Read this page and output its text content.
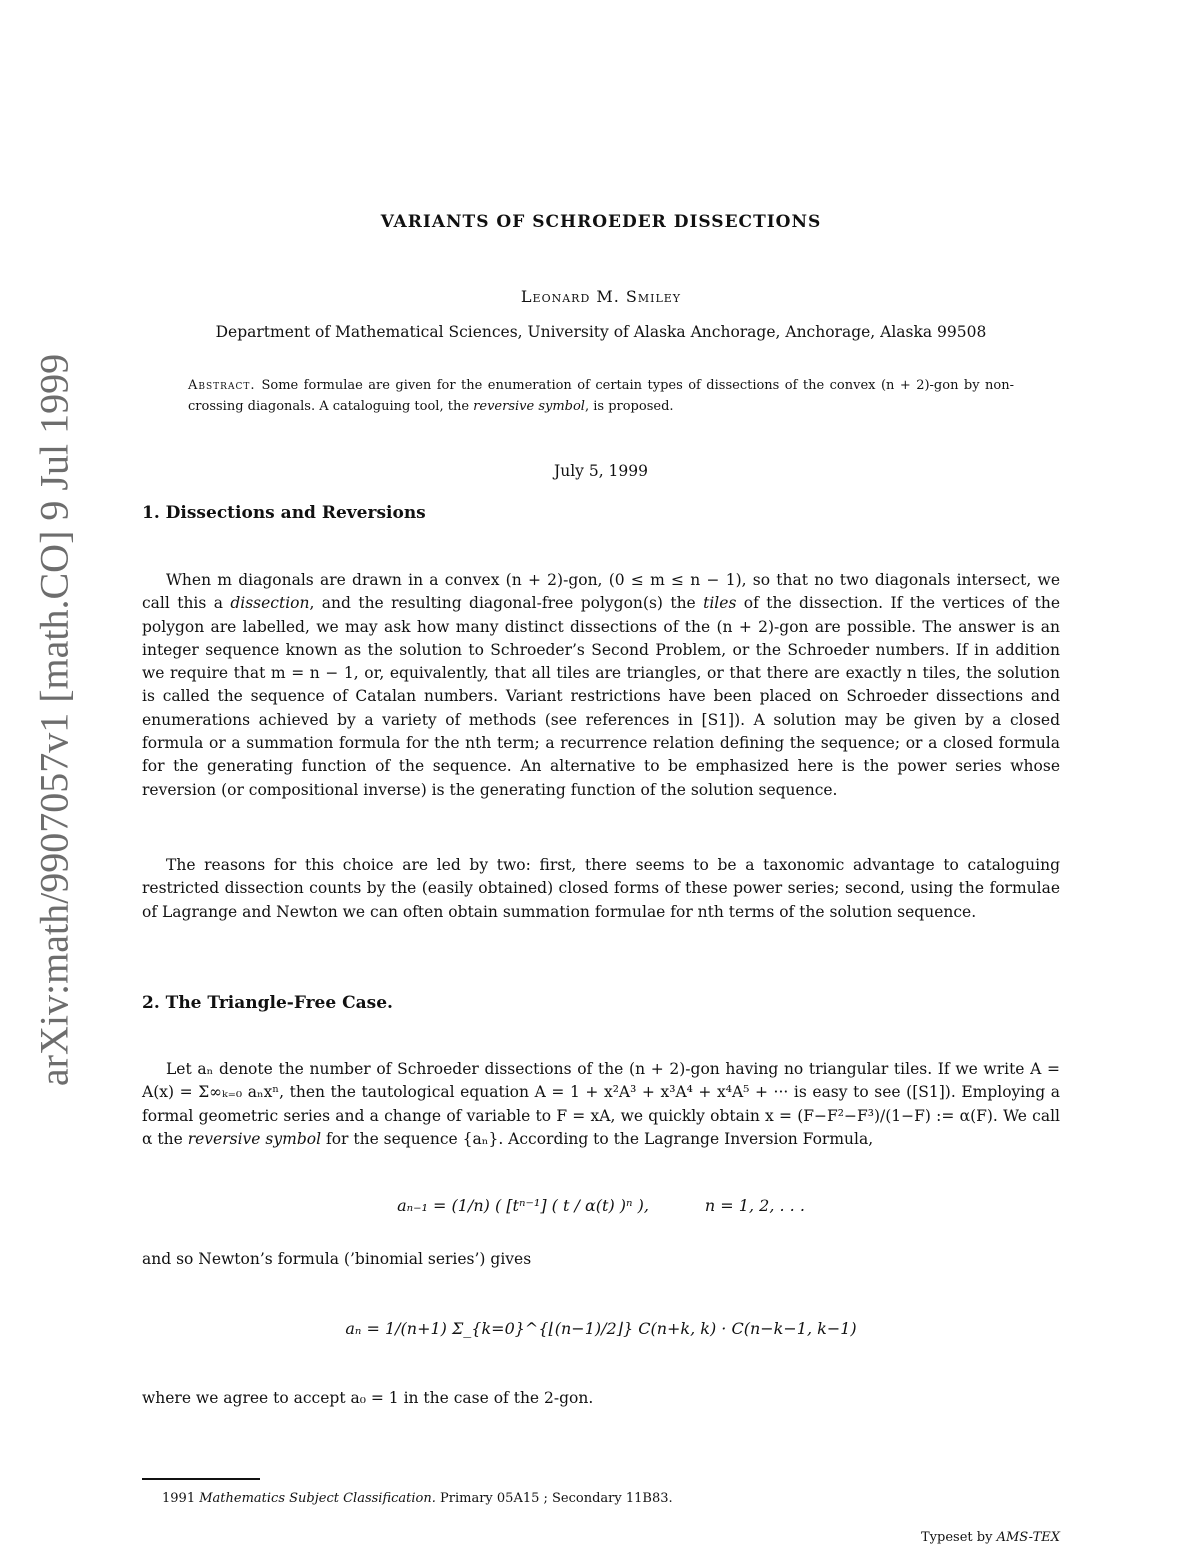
arXiv:math/9907057v1 [math.CO] 9 Jul 1999
VARIANTS OF SCHROEDER DISSECTIONS
Leonard M. Smiley
Department of Mathematical Sciences, University of Alaska Anchorage, Anchorage, Alaska 99508
Abstract. Some formulae are given for the enumeration of certain types of dissections of the convex (n + 2)-gon by non-crossing diagonals. A cataloguing tool, the reversive symbol, is proposed.
July 5, 1999
1. Dissections and Reversions
When m diagonals are drawn in a convex (n + 2)-gon, (0 ≤ m ≤ n − 1), so that no two diagonals intersect, we call this a dissection, and the resulting diagonal-free polygon(s) the tiles of the dissection. If the vertices of the polygon are labelled, we may ask how many distinct dissections of the (n + 2)-gon are possible. The answer is an integer sequence known as the solution to Schroeder’s Second Problem, or the Schroeder numbers. If in addition we require that m = n − 1, or, equivalently, that all tiles are triangles, or that there are exactly n tiles, the solution is called the sequence of Catalan numbers. Variant restrictions have been placed on Schroeder dissections and enumerations achieved by a variety of methods (see references in [S1]). A solution may be given by a closed formula or a summation formula for the nth term; a recurrence relation defining the sequence; or a closed formula for the generating function of the sequence. An alternative to be emphasized here is the power series whose reversion (or compositional inverse) is the generating function of the solution sequence.
The reasons for this choice are led by two: first, there seems to be a taxonomic advantage to cataloguing restricted dissection counts by the (easily obtained) closed forms of these power series; second, using the formulae of Lagrange and Newton we can often obtain summation formulae for nth terms of the solution sequence.
2. The Triangle-Free Case.
Let aₙ denote the number of Schroeder dissections of the (n + 2)-gon having no triangular tiles. If we write A = A(x) = Σ∞ₖ₌₀ aₙxⁿ, then the tautological equation A = 1 + x²A³ + x³A⁴ + x⁴A⁵ + ··· is easy to see ([S1]). Employing a formal geometric series and a change of variable to F = xA, we quickly obtain x = (F−F²−F³)/(1−F) := α(F). We call α the reversive symbol for the sequence {aₙ}. According to the Lagrange Inversion Formula,
aₙ₋₁ = (1/n) ( [tⁿ⁻¹] ( t / α(t) )ⁿ ),	n = 1, 2, . . .
and so Newton’s formula (’binomial series’) gives
aₙ = 1/(n+1) Σ_{k=0}^{⌊(n−1)/2⌋} C(n+k, k) · C(n−k−1, k−1)
where we agree to accept a₀ = 1 in the case of the 2-gon.
1991 Mathematics Subject Classification. Primary 05A15 ; Secondary 11B83.
Typeset by AMS-TEX
